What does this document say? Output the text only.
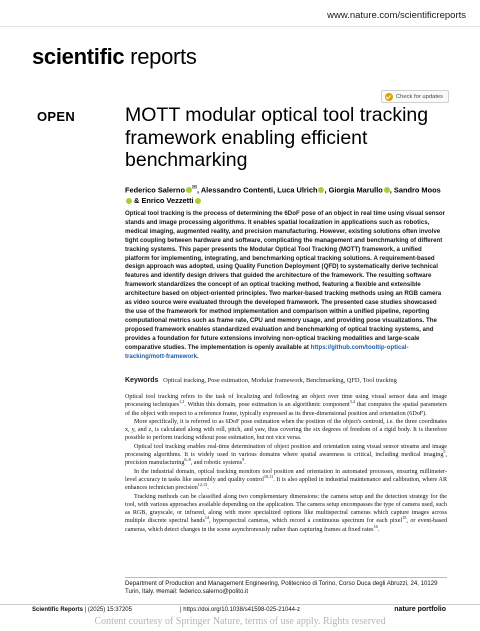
www.nature.com/scientificreports
scientific reports
OPEN
Check for updates
MOTT modular optical tool tracking framework enabling efficient benchmarking
Federico Salerno ✉, Alessandro Contenti, Luca Ulrich , Giorgia Marullo , Sandro Moos & Enrico Vezzetti

Optical tool tracking is the process of determining the 6DoF pose of an object in real time using visual sensor stands and image processing algorithms. It enables spatial localization in applications such as robotics, medical imaging, augmented reality, and precision manufacturing. However, existing solutions often involve tight coupling between hardware and software, complicating the management and benchmarking of different tracking systems. This paper presents the Modular Optical Tool Tracking (MOTT) framework, a unified platform for implementing, integrating, and benchmarking optical tracking solutions. A requirement-based design approach was adopted, using Quality Function Deployment (QFD) to systematically derive technical features and identify design drivers that guided the architecture of the framework. The resulting software framework standardizes the concept of an optical tracking method, featuring a flexible and extensible architecture based on object-oriented principles. Two marker-based tracking methods using an RGB camera as video source were evaluated through the developed framework. The presented case studies showcased the use of the framework for method implementation and comparison within a unified pipeline, reporting computational metrics such as frame rate, CPU and memory usage, and providing pose visualizations. The proposed framework enables standardized evaluation and benchmarking of optical tracking systems, and provides a foundation for future extensions involving non-optical tracking modalities and large-scale comparative studies. The implementation is openly available at https://github.com/tooltip-optical-tracking/mott-framework.

Keywords Optical tracking, Pose estimation, Modular framework, Benchmarking, QFD, Tool tracking

Optical tool tracking refers to the task of localizing and following an object over time using visual sensor data and image processing techniques$^{1,2}$. Within this domain, pose estimation is an algorithmic component$^{3,4}$ that computes the spatial parameters of the object with respect to a reference frame, typically expressed as its three-dimensional position and orientation (6DoF).

More specifically, it is referred to as 6DoF pose estimation when the position of the object's centroid, i.e. the three coordinates x, y, and z, is calculated along with roll, pitch, and yaw, thus covering the six degrees of freedom of a rigid body. It is therefore possible to perform tracking without pose estimation, but not vice versa.

Optical tool tracking enables real-time determination of object position and orientation using visual sensor streams and image processing algorithms. It is widely used in various domains where spatial awareness is critical, including medical imaging$^5$, precision manufacturing$^{6-8}$, and robotic systems$^9$.

In the industrial domain, optical tracking monitors tool position and orientation in automated processes, ensuring millimeter-level accuracy in tasks like assembly and quality control$^{10,11}$. It is also applied in industrial maintenance and calibration, where AR enhances technician precision$^{12,13}$.

Tracking methods can be classified along two complementary dimensions: the camera setup and the detection strategy for the tool, with various approaches available depending on the application. The camera setup encompasses the type of camera used, such as RGB, grayscale, or infrared, along with more specialized options like multispectral cameras which capture images across multiple discrete spectral bands$^{14}$, hyperspectral cameras, which record a continuous spectrum for each pixel$^{15}$, or event-based cameras, which detect changes in the scene asynchronously rather than capturing frames at fixed rates$^{16}$.

Department of Production and Management Engineering, Politecnico di Torino, Corso Duca degli Abruzzi, 24, 10129 Turin, Italy. ✉email: federico.salerno@polito.it
Scientific Reports | (2025) 15:37205	| https://doi.org/10.1038/s41598-025-21044-z	nature portfolio
Content courtesy of Springer Nature, terms of use apply. Rights reserved
